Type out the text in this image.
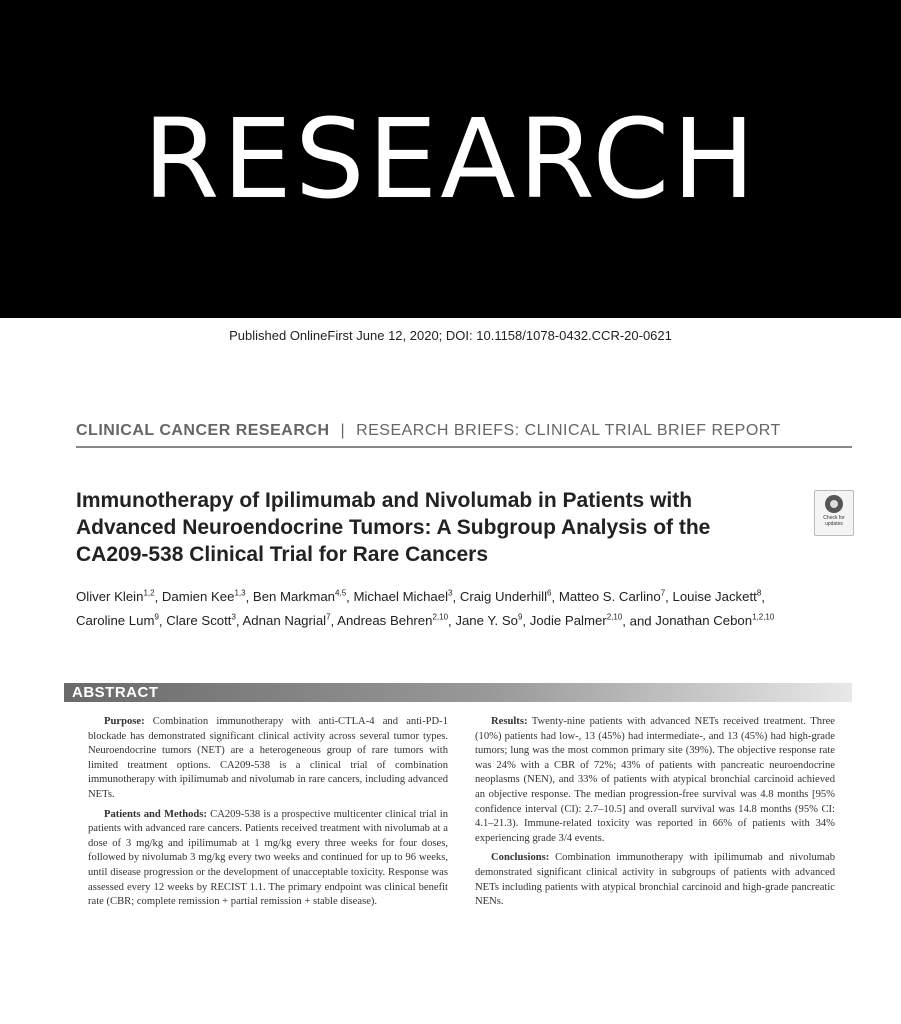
RESEARCH
Published OnlineFirst June 12, 2020; DOI: 10.1158/1078-0432.CCR-20-0621
CLINICAL CANCER RESEARCH | RESEARCH BRIEFS: CLINICAL TRIAL BRIEF REPORT
Immunotherapy of Ipilimumab and Nivolumab in Patients with Advanced Neuroendocrine Tumors: A Subgroup Analysis of the CA209-538 Clinical Trial for Rare Cancers
Check for updates
Oliver Klein$^{1,2}$, Damien Kee$^{1,3}$, Ben Markman$^{4,5}$, Michael Michael$^3$, Craig Underhill$^6$, Matteo S. Carlino$^7$, Louise Jackett$^8$, Caroline Lum$^9$, Clare Scott$^3$, Adnan Nagrial$^7$, Andreas Behren$^{2,10}$, Jane Y. So$^9$, Jodie Palmer$^{2,10}$, and Jonathan Cebon$^{1,2,10}$
ABSTRACT

Purpose: Combination immunotherapy with anti-CTLA-4 and anti-PD-1 blockade has demonstrated significant clinical activity across several tumor types. Neuroendocrine tumors (NET) are a heterogeneous group of rare tumors with limited treatment options. CA209-538 is a clinical trial of combination immunotherapy with ipilimumab and nivolumab in rare cancers, including advanced NETs.

Patients and Methods: CA209-538 is a prospective multicenter clinical trial in patients with advanced rare cancers. Patients received treatment with nivolumab at a dose of 3 mg/kg and ipilimumab at 1 mg/kg every three weeks for four doses, followed by nivolumab 3 mg/kg every two weeks and continued for up to 96 weeks, until disease progression or the development of unacceptable toxicity. Response was assessed every 12 weeks by RECIST 1.1. The primary endpoint was clinical benefit rate (CBR; complete remission + partial remission + stable disease).

Results: Twenty-nine patients with advanced NETs received treatment. Three (10%) patients had low-, 13 (45%) had intermediate-, and 13 (45%) had high-grade tumors; lung was the most common primary site (39%). The objective response rate was 24% with a CBR of 72%; 43% of patients with pancreatic neuroendocrine neoplasms (NEN), and 33% of patients with atypical bronchial carcinoid achieved an objective response. The median progression-free survival was 4.8 months [95% confidence interval (CI): 2.7–10.5] and overall survival was 14.8 months (95% CI: 4.1–21.3). Immune-related toxicity was reported in 66% of patients with 34% experiencing grade 3/4 events.

Conclusions: Combination immunotherapy with ipilimumab and nivolumab demonstrated significant clinical activity in subgroups of patients with advanced NETs including patients with atypical bronchial carcinoid and high-grade pancreatic NENs.
